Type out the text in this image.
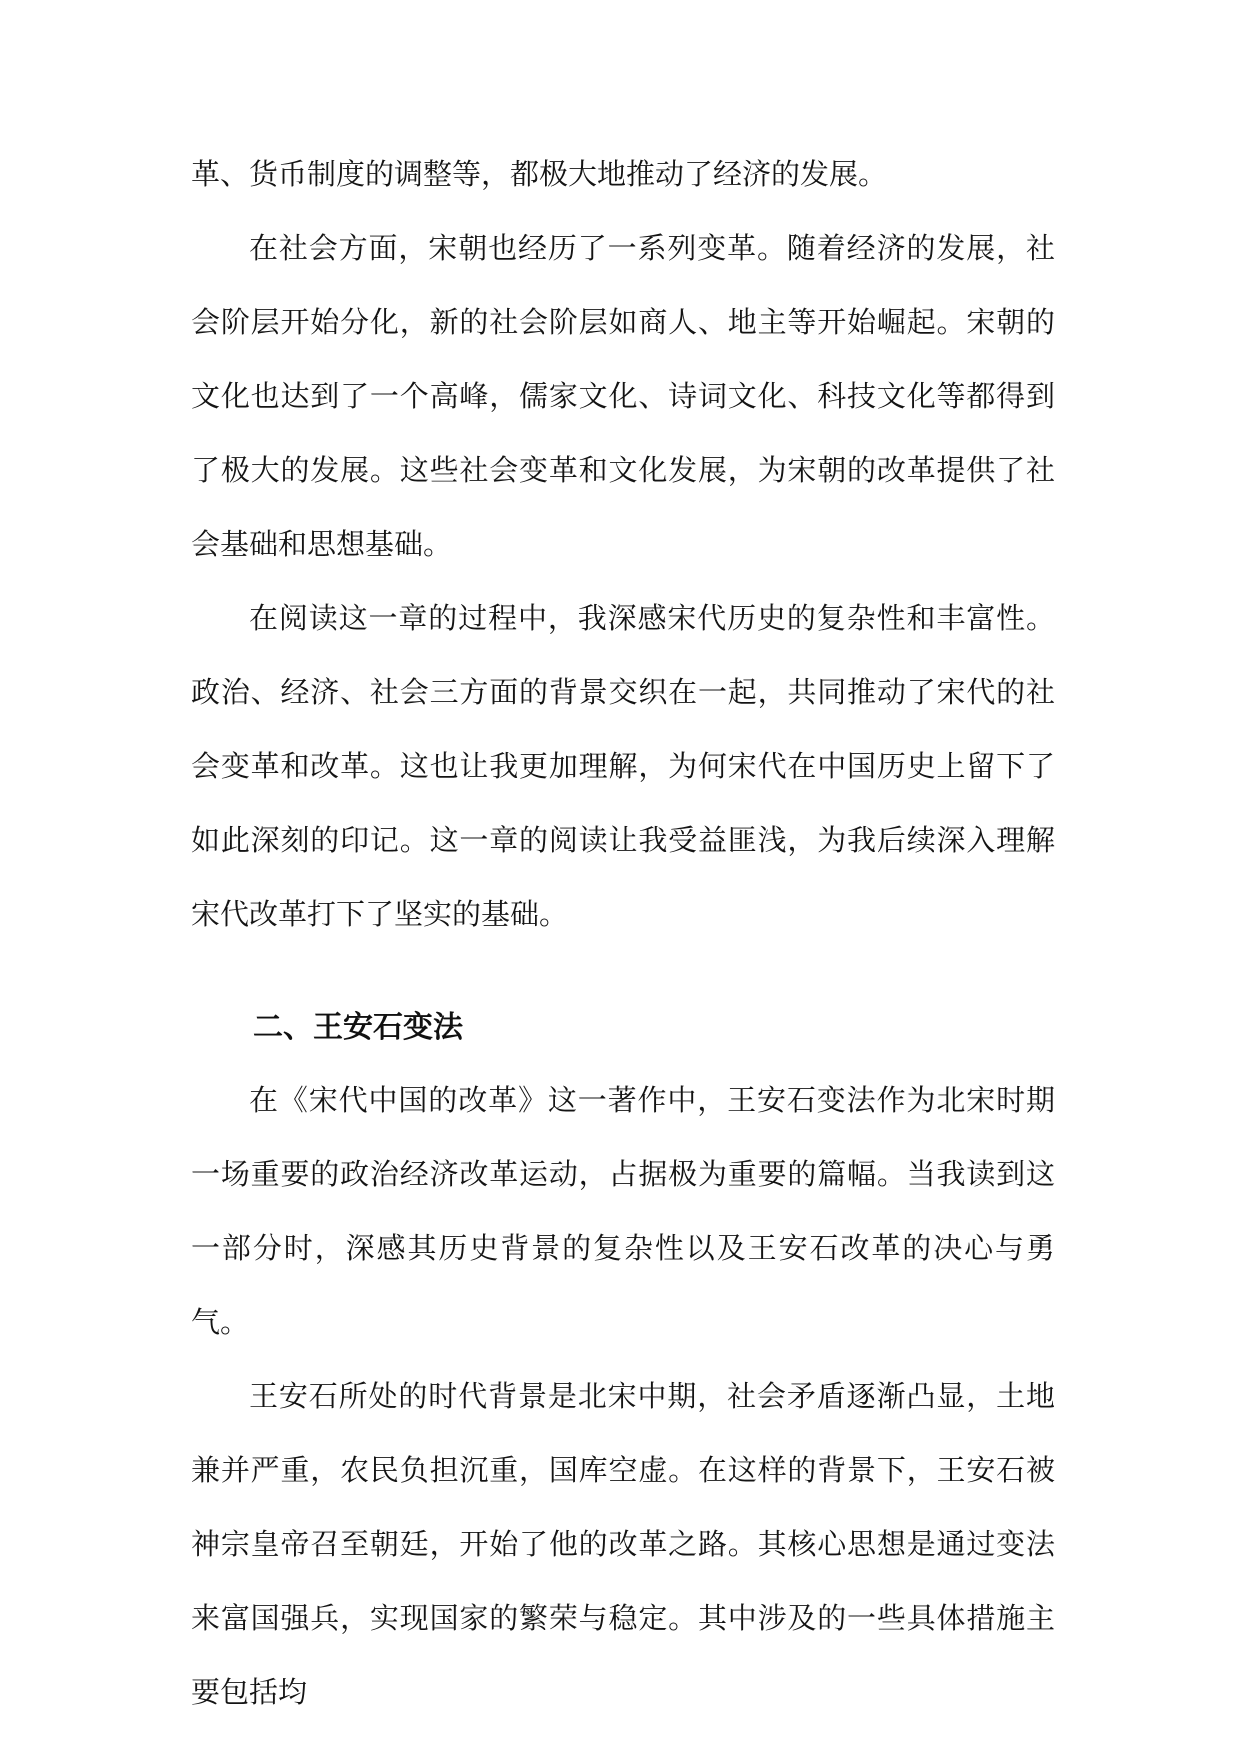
革、货币制度的调整等，都极大地推动了经济的发展。

在社会方面，宋朝也经历了一系列变革。随着经济的发展，社会阶层开始分化，新的社会阶层如商人、地主等开始崛起。宋朝的文化也达到了一个高峰，儒家文化、诗词文化、科技文化等都得到了极大的发展。这些社会变革和文化发展，为宋朝的改革提供了社会基础和思想基础。

在阅读这一章的过程中，我深感宋代历史的复杂性和丰富性。政治、经济、社会三方面的背景交织在一起，共同推动了宋代的社会变革和改革。这也让我更加理解，为何宋代在中国历史上留下了如此深刻的印记。这一章的阅读让我受益匪浅，为我后续深入理解宋代改革打下了坚实的基础。

二、王安石变法

在《宋代中国的改革》这一著作中，王安石变法作为北宋时期一场重要的政治经济改革运动，占据极为重要的篇幅。当我读到这一部分时，深感其历史背景的复杂性以及王安石改革的决心与勇气。

王安石所处的时代背景是北宋中期，社会矛盾逐渐凸显，土地兼并严重，农民负担沉重，国库空虚。在这样的背景下，王安石被神宗皇帝召至朝廷，开始了他的改革之路。其核心思想是通过变法来富国强兵，实现国家的繁荣与稳定。其中涉及的一些具体措施主要包括均
